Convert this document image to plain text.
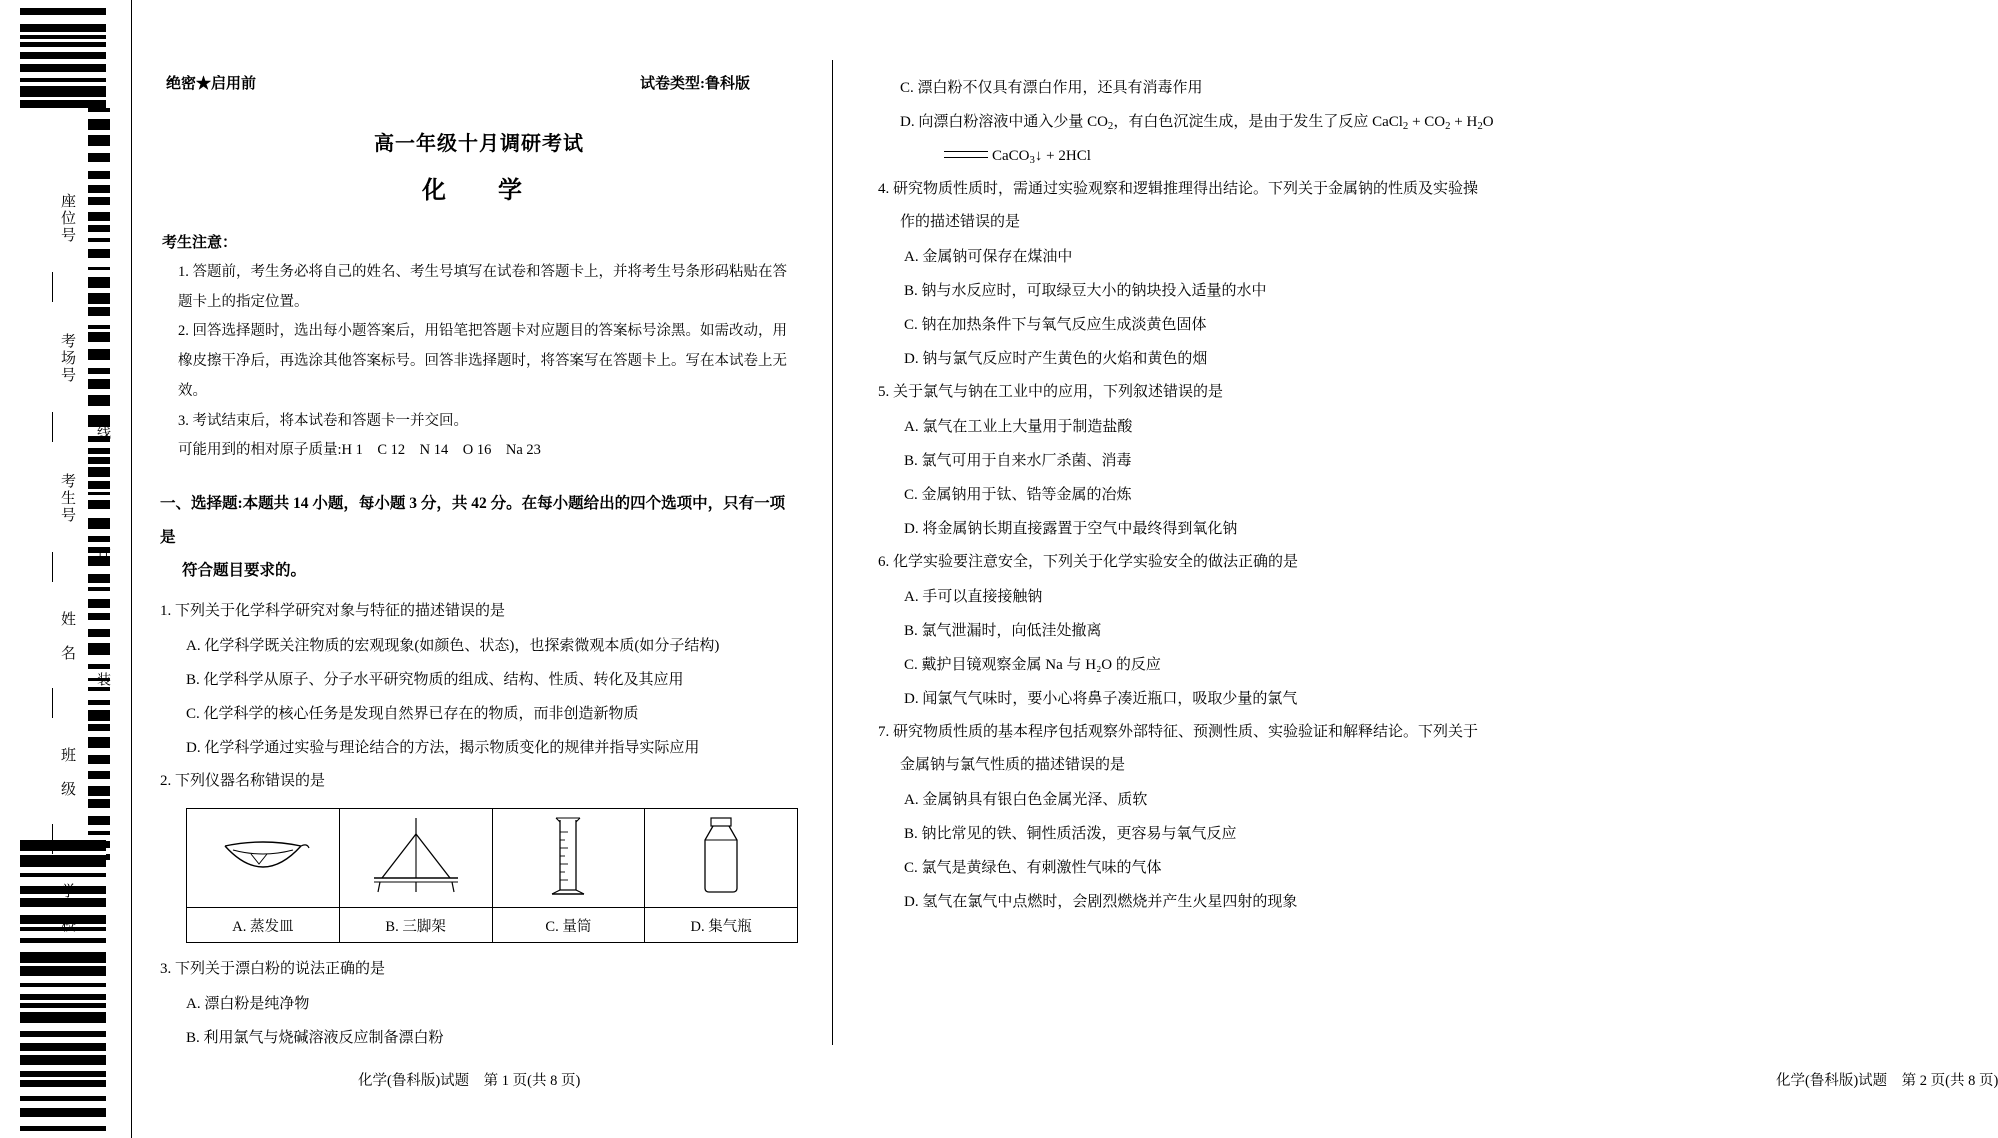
座位号
考场号
考生号
姓　名
班　级
学　校
线
订
装
绝密★启用前	试卷类型:鲁科版
高一年级十月调研考试
化　学
考生注意：
1. 答题前，考生务必将自己的姓名、考生号填写在试卷和答题卡上，并将考生号条形码粘贴在答题卡上的指定位置。
2. 回答选择题时，选出每小题答案后，用铅笔把答题卡对应题目的答案标号涂黑。如需改动，用橡皮擦干净后，再选涂其他答案标号。回答非选择题时，将答案写在答题卡上。写在本试卷上无效。
3. 考试结束后，将本试卷和答题卡一并交回。
可能用到的相对原子质量:H 1　C 12　N 14　O 16　Na 23
一、选择题:本题共 14 小题，每小题 3 分，共 42 分。在每小题给出的四个选项中，只有一项是
符合题目要求的。
1. 下列关于化学科学研究对象与特征的描述错误的是
A. 化学科学既关注物质的宏观现象(如颜色、状态)，也探索微观本质(如分子结构)
B. 化学科学从原子、分子水平研究物质的组成、结构、性质、转化及其应用
C. 化学科学的核心任务是发现自然界已存在的物质，而非创造新物质
D. 化学科学通过实验与理论结合的方法，揭示物质变化的规律并指导实际应用
2. 下列仪器名称错误的是

A. 蒸发皿	B. 三脚架	C. 量筒	D. 集气瓶
3. 下列关于漂白粉的说法正确的是
A. 漂白粉是纯净物
B. 利用氯气与烧碱溶液反应制备漂白粉
化学(鲁科版)试题　第 1 页(共 8 页)
C. 漂白粉不仅具有漂白作用，还具有消毒作用
D. 向漂白粉溶液中通入少量 $CO_2$，有白色沉淀生成，是由于发生了反应 CaCl$_2$ + $CO_2 + H_2O$
CaCO$_3$↓ + 2HCl
4. 研究物质性质时，需通过实验观察和逻辑推理得出结论。下列关于金属钠的性质及实验操
作的描述错误的是
A. 金属钠可保存在煤油中
B. 钠与水反应时，可取绿豆大小的钠块投入适量的水中
C. 钠在加热条件下与氧气反应生成淡黄色固体
D. 钠与氯气反应时产生黄色的火焰和黄色的烟
5. 关于氯气与钠在工业中的应用，下列叙述错误的是
A. 氯气在工业上大量用于制造盐酸
B. 氯气可用于自来水厂杀菌、消毒
C. 金属钠用于钛、锆等金属的冶炼
D. 将金属钠长期直接露置于空气中最终得到氧化钠
6. 化学实验要注意安全，下列关于化学实验安全的做法正确的是
A. 手可以直接接触钠
B. 氯气泄漏时，向低洼处撤离
C. 戴护目镜观察金属 Na 与 H₂O 的反应
D. 闻氯气气味时，要小心将鼻子凑近瓶口，吸取少量的氯气
7. 研究物质性质的基本程序包括观察外部特征、预测性质、实验验证和解释结论。下列关于
金属钠与氯气性质的描述错误的是
A. 金属钠具有银白色金属光泽、质软
B. 钠比常见的铁、铜性质活泼，更容易与氧气反应
C. 氯气是黄绿色、有刺激性气味的气体
D. 氢气在氯气中点燃时，会剧烈燃烧并产生火星四射的现象
化学(鲁科版)试题　第 2 页(共 8 页)
